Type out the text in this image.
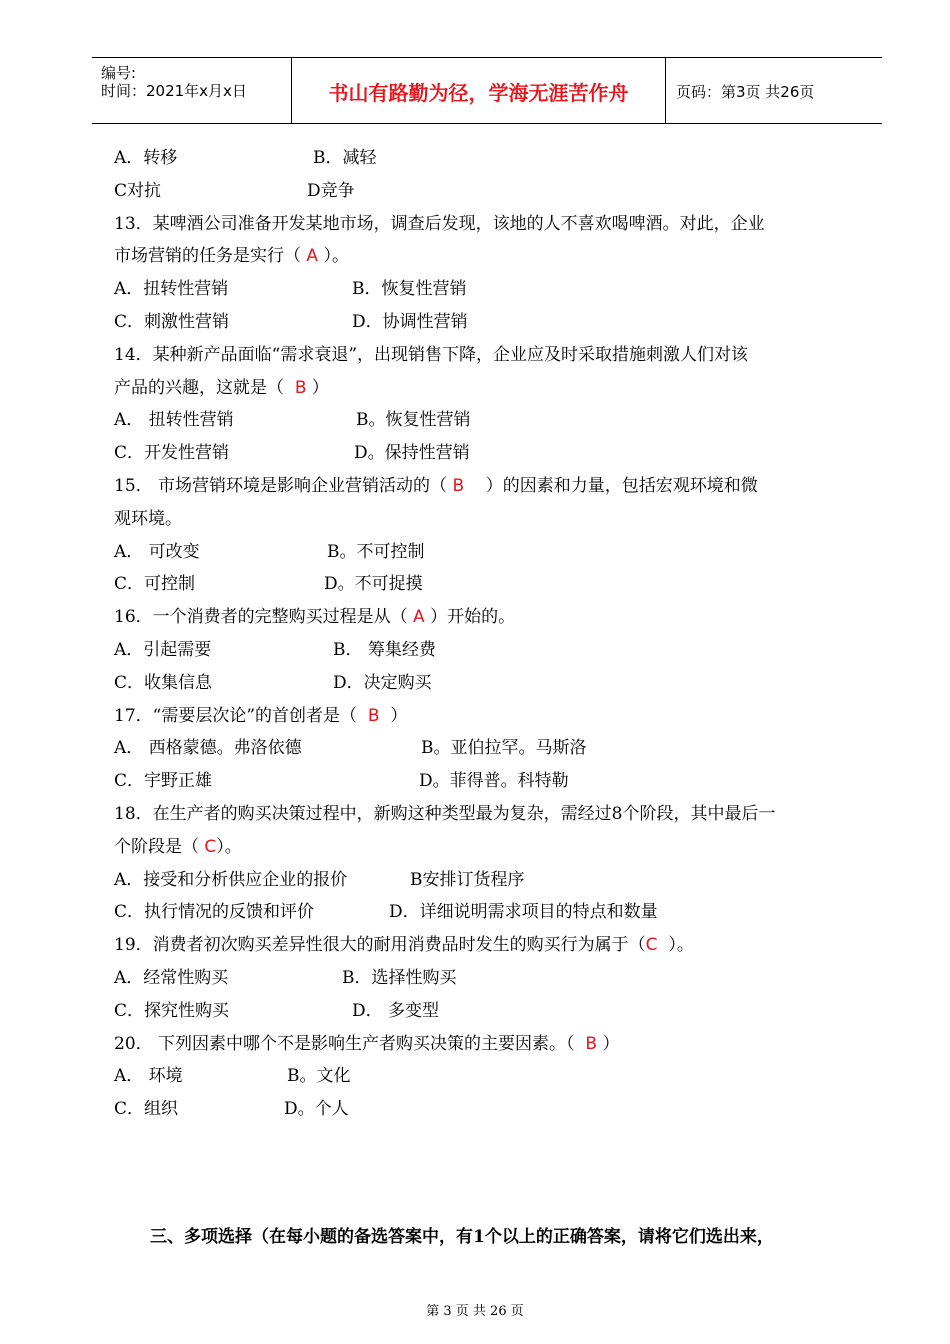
编号:
时间：2021年x月x日	书山有路勤为径，学海无涯苦作舟	页码：第3页 共26页
A．转移	B．减轻
C对抗	D竞争
13．某啤酒公司准备开发某地市场，调查后发现，该地的人不喜欢喝啤酒。对此，企业
市场营销的任务是实行（ A ）。
A．扭转性营销	B．恢复性营销
C．刺激性营销	D．协调性营销
14．某种新产品面临“需求衰退”，出现销售下降，企业应及时采取措施刺激人们对该
产品的兴趣，这就是（ B ）
A． 扭转性营销	B。恢复性营销
C．开发性营销	D。保持性营销
15． 市场营销环境是影响企业营销活动的（ B ）的因素和力量，包括宏观环境和微
观环境。
A． 可改变	B。不可控制
C．可控制	D。不可捉摸
16．一个消费者的完整购买过程是从（ A ）开始的。
A．引起需要	B． 筹集经费
C．收集信息	D．决定购买
17．“需要层次论”的首创者是（ B ）
A． 西格蒙德。弗洛依德	B。亚伯拉罕。马斯洛
C．宇野正雄	D。菲得普。科特勒
18．在生产者的购买决策过程中，新购这种类型最为复杂，需经过8个阶段，其中最后一
个阶段是（ C）。
A．接受和分析供应企业的报价	B安排订货程序
C．执行情况的反馈和评价	D．详细说明需求项目的特点和数量
19．消费者初次购买差异性很大的耐用消费品时发生的购买行为属于（C ）。
A．经常性购买	B．选择性购买
C．探究性购买	D． 多变型
20． 下列因素中哪个不是影响生产者购买决策的主要因素。（ B ）
A． 环境	B。文化
C．组织	D。个人
三、多项选择（在每小题的备选答案中，有1个以上的正确答案，请将它们选出来，
第 3 页 共 26 页
